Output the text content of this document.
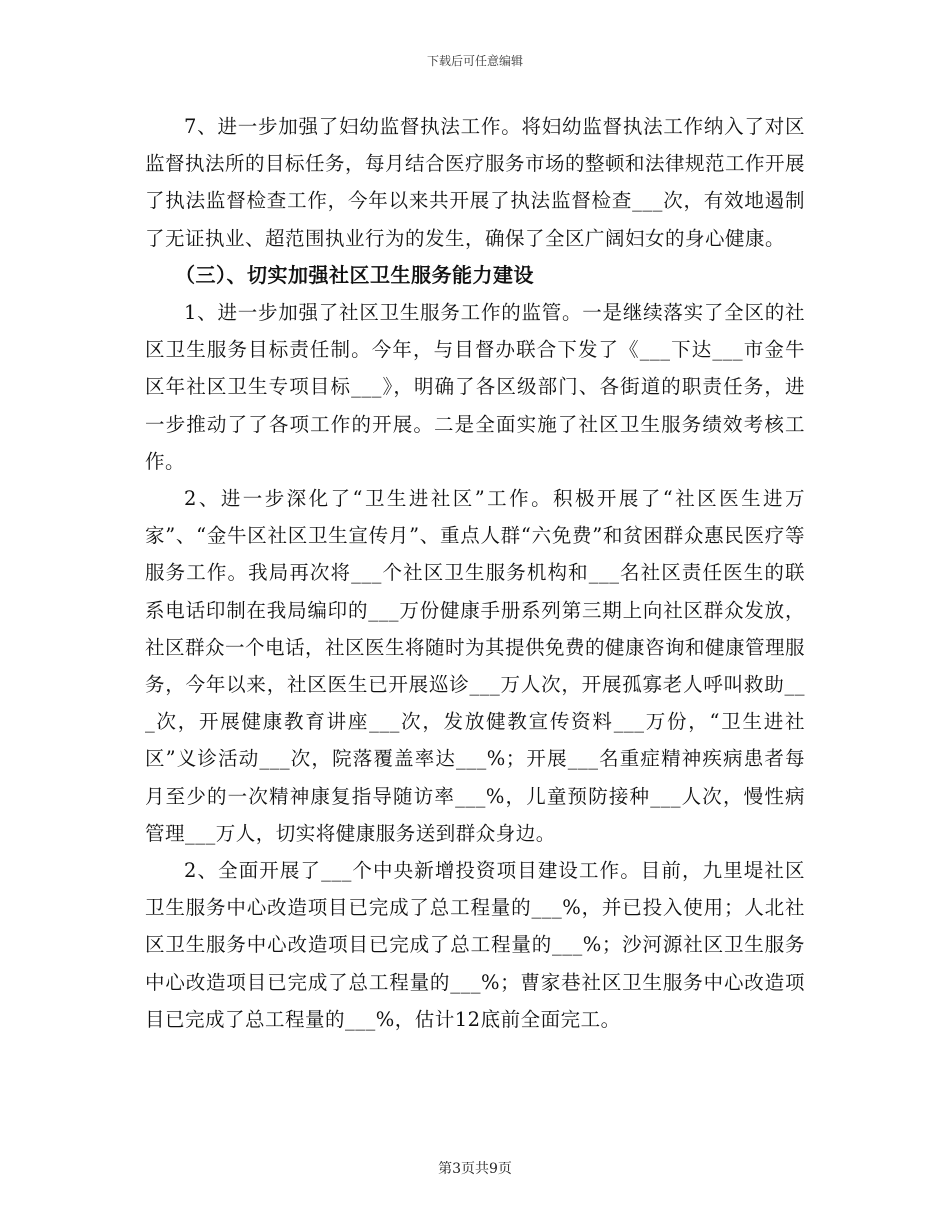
下载后可任意编辑

7、进一步加强了妇幼监督执法工作。将妇幼监督执法工作纳入了对区监督执法所的目标任务，每月结合医疗服务市场的整顿和法律规范工作开展了执法监督检查工作，今年以来共开展了执法监督检查___次，有效地遏制了无证执业、超范围执业行为的发生，确保了全区广阔妇女的身心健康。

（三）、切实加强社区卫生服务能力建设

1、进一步加强了社区卫生服务工作的监管。一是继续落实了全区的社区卫生服务目标责任制。今年，与目督办联合下发了《___下达___市金牛区年社区卫生专项目标___》，明确了各区级部门、各街道的职责任务，进一步推动了了各项工作的开展。二是全面实施了社区卫生服务绩效考核工作。

2、进一步深化了“卫生进社区”工作。积极开展了“社区医生进万家”、“金牛区社区卫生宣传月”、重点人群“六免费”和贫困群众惠民医疗等服务工作。我局再次将___个社区卫生服务机构和___名社区责任医生的联系电话印制在我局编印的___万份健康手册系列第三期上向社区群众发放，社区群众一个电话，社区医生将随时为其提供免费的健康咨询和健康管理服务，今年以来，社区医生已开展巡诊___万人次，开展孤寡老人呼叫救助___次，开展健康教育讲座___次，发放健教宣传资料___万份，“卫生进社区”义诊活动___次，院落覆盖率达___%；开展___名重症精神疾病患者每月至少的一次精神康复指导随访率___%，儿童预防接种___人次，慢性病管理___万人，切实将健康服务送到群众身边。

2、全面开展了___个中央新增投资项目建设工作。目前，九里堤社区卫生服务中心改造项目已完成了总工程量的___%，并已投入使用；人北社区卫生服务中心改造项目已完成了总工程量的___%；沙河源社区卫生服务中心改造项目已完成了总工程量的___%；曹家巷社区卫生服务中心改造项目已完成了总工程量的___%，估计12底前全面完工。

第3页共9页
